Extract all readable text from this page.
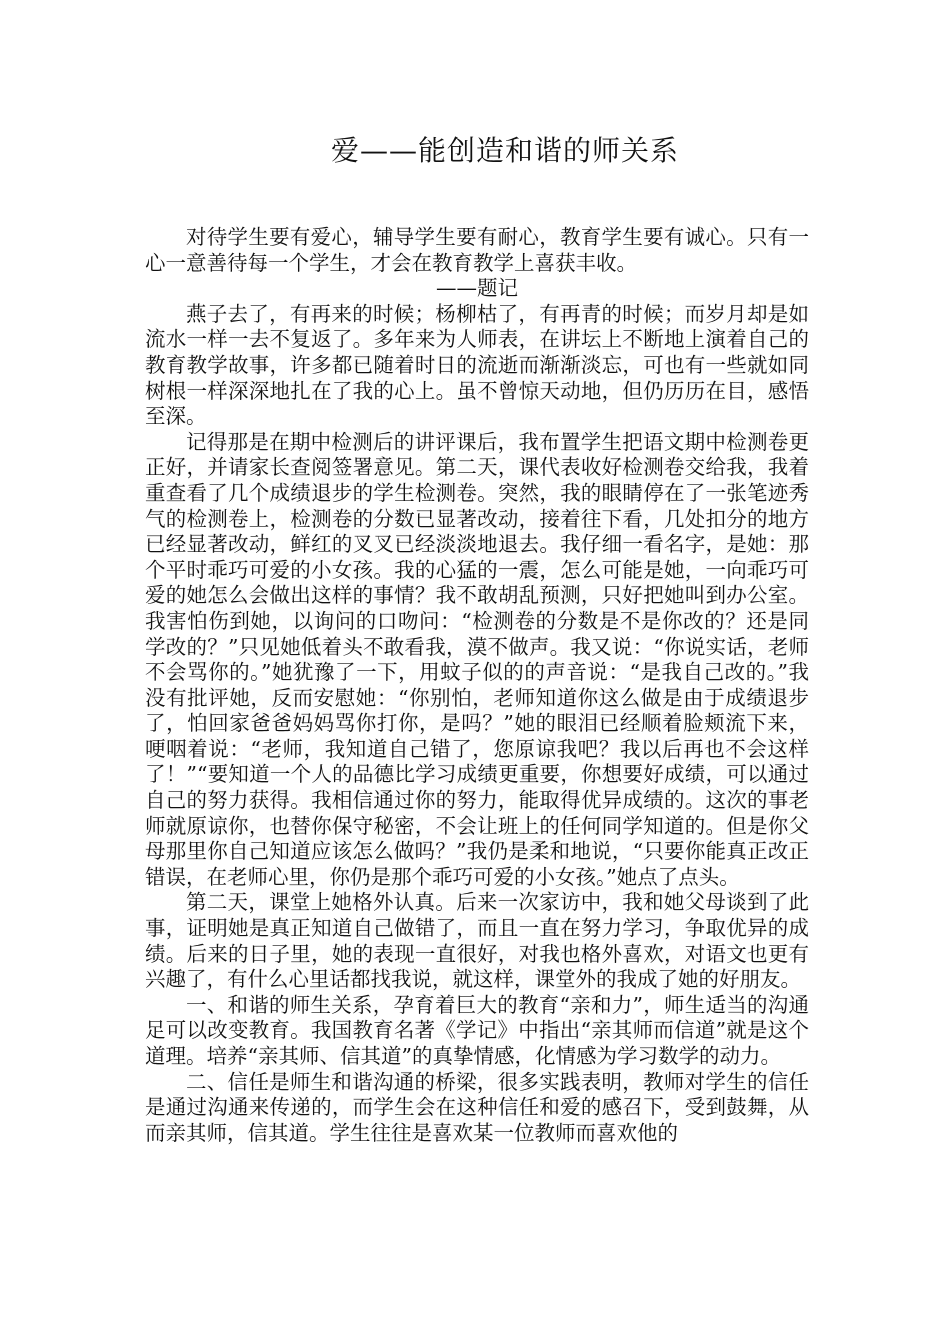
爱——能创造和谐的师关系

对待学生要有爱心，辅导学生要有耐心，教育学生要有诚心。只有一心一意善待每一个学生，才会在教育教学上喜获丰收。

——题记

燕子去了，有再来的时候；杨柳枯了，有再青的时候；而岁月却是如流水一样一去不复返了。多年来为人师表，在讲坛上不断地上演着自己的教育教学故事，许多都已随着时日的流逝而渐渐淡忘，可也有一些就如同树根一样深深地扎在了我的心上。虽不曾惊天动地，但仍历历在目，感悟至深。

记得那是在期中检测后的讲评课后，我布置学生把语文期中检测卷更正好，并请家长查阅签署意见。第二天，课代表收好检测卷交给我，我着重查看了几个成绩退步的学生检测卷。突然，我的眼睛停在了一张笔迹秀气的检测卷上，检测卷的分数已显著改动，接着往下看，几处扣分的地方已经显著改动，鲜红的叉叉已经淡淡地退去。我仔细一看名字，是她：那个平时乖巧可爱的小女孩。我的心猛的一震，怎么可能是她，一向乖巧可爱的她怎么会做出这样的事情？我不敢胡乱预测，只好把她叫到办公室。我害怕伤到她，以询问的口吻问：“检测卷的分数是不是你改的？还是同学改的？”只见她低着头不敢看我，漠不做声。我又说：“你说实话，老师不会骂你的。”她犹豫了一下，用蚊子似的的声音说：“是我自己改的。”我没有批评她，反而安慰她：“你别怕，老师知道你这么做是由于成绩退步了，怕回家爸爸妈妈骂你打你，是吗？”她的眼泪已经顺着脸颊流下来，哽咽着说：“老师，我知道自己错了，您原谅我吧？我以后再也不会这样了！”“要知道一个人的品德比学习成绩更重要，你想要好成绩，可以通过自己的努力获得。我相信通过你的努力，能取得优异成绩的。这次的事老师就原谅你，也替你保守秘密，不会让班上的任何同学知道的。但是你父母那里你自己知道应该怎么做吗？”我仍是柔和地说，“只要你能真正改正错误，在老师心里，你仍是那个乖巧可爱的小女孩。”她点了点头。

第二天，课堂上她格外认真。后来一次家访中，我和她父母谈到了此事，证明她是真正知道自己做错了，而且一直在努力学习，争取优异的成绩。后来的日子里，她的表现一直很好，对我也格外喜欢，对语文也更有兴趣了，有什么心里话都找我说，就这样，课堂外的我成了她的好朋友。

一、和谐的师生关系，孕育着巨大的教育“亲和力”，师生适当的沟通足可以改变教育。我国教育名著《学记》中指出“亲其师而信道”就是这个道理。培养“亲其师、信其道”的真挚情感，化情感为学习数学的动力。

二、信任是师生和谐沟通的桥梁，很多实践表明，教师对学生的信任是通过沟通来传递的，而学生会在这种信任和爱的感召下，受到鼓舞，从而亲其师，信其道。学生往往是喜欢某一位教师而喜欢他的
